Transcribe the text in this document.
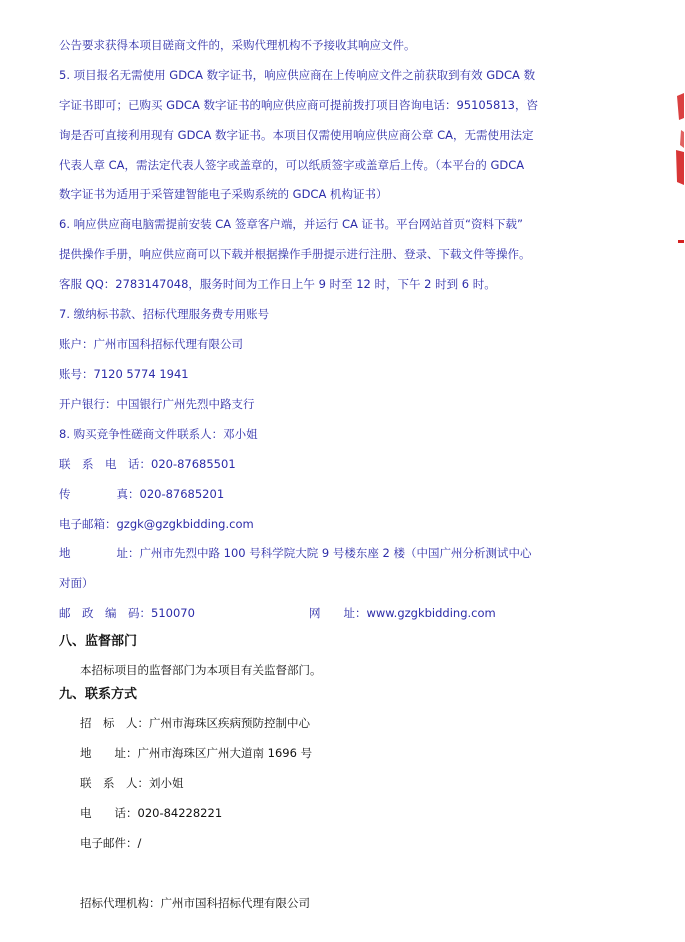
公告要求获得本项目磋商文件的，采购代理机构不予接收其响应文件。
5. 项目报名无需使用 GDCA 数字证书，响应供应商在上传响应文件之前获取到有效 GDCA 数
字证书即可；已购买 GDCA 数字证书的响应供应商可提前拨打项目咨询电话：95105813，咨
询是否可直接利用现有 GDCA 数字证书。本项目仅需使用响应供应商公章 CA，无需使用法定
代表人章 CA，需法定代表人签字或盖章的，可以纸质签字或盖章后上传。（本平台的 GDCA
数字证书为适用于采管建智能电子采购系统的 GDCA 机构证书）
6. 响应供应商电脑需提前安装 CA 签章客户端，并运行 CA 证书。平台网站首页“资料下载”
提供操作手册，响应供应商可以下载并根据操作手册提示进行注册、登录、下载文件等操作。
客服 QQ：2783147048，服务时间为工作日上午 9 时至 12 时，下午 2 时到 6 时。
7. 缴纳标书款、招标代理服务费专用账号
账户：广州市国科招标代理有限公司
账号：7120 5774 1941
开户银行：中国银行广州先烈中路支行
8. 购买竞争性磋商文件联系人：邓小姐
联　系　电　话：020-87685501
传　　　　真：020-87685201
电子邮箱：gzgk@gzgkbidding.com
地　　　　址：广州市先烈中路 100 号科学院大院 9 号楼东座 2 楼（中国广州分析测试中心
对面）
邮　政　编　码：510070	网　　址：www.gzgkbidding.com
八、监督部门
本招标项目的监督部门为本项目有关监督部门。
九、联系方式
招　标　人：广州市海珠区疾病预防控制中心
地　　址：广州市海珠区广州大道南 1696 号
联　系　人：刘小姐
电　　话：020-84228221
电子邮件：/
招标代理机构：广州市国科招标代理有限公司
